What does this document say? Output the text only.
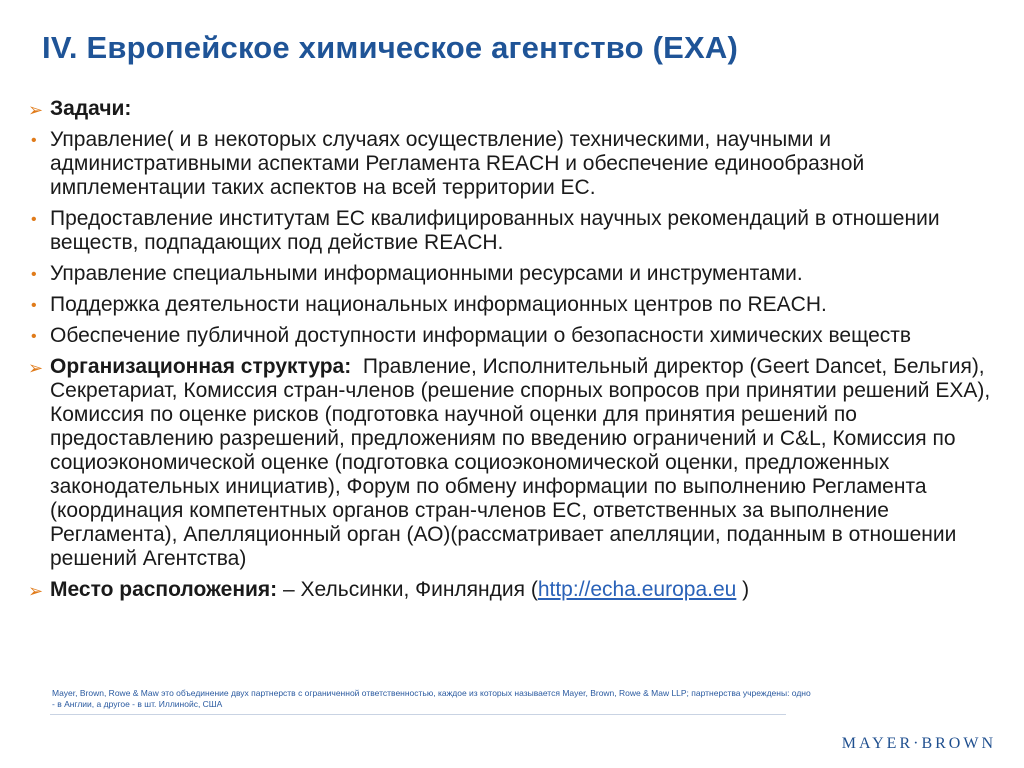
IV. Европейское химическое агентство (ЕХА)
➢ Задачи:
• Управление( и в некоторых случаях осуществление) техническими, научными и административными аспектами Регламента REACH и обеспечение единообразной имплементации таких аспектов на всей территории ЕС.
• Предоставление институтам ЕС квалифицированных научных рекомендаций в отношении веществ, подпадающих под действие REACH.
• Управление специальными информационными ресурсами и инструментами.
• Поддержка деятельности национальных информационных центров по REACH.
• Обеспечение публичной доступности информации о безопасности химических веществ
➢ Организационная структура: Правление, Исполнительный директор (Geert Dancet, Бельгия), Секретариат, Комиссия стран-членов (решение спорных вопросов при принятии решений ЕХА), Комиссия по оценке рисков (подготовка научной оценки для принятия решений по предоставлению разрешений, предложениям по введению ограничений и C&L, Комиссия по социоэкономической оценке (подготовка социоэкономической оценки, предложенных законодательных инициатив), Форум по обмену информации по выполнению Регламента (координация компетентных органов стран-членов ЕС, ответственных за выполнение Регламента), Апелляционный орган (АО)(рассматривает апелляции, поданным в отношении решений Агентства)
➢ Место расположения: – Хельсинки, Финляндия (http://echa.europa.eu )
Mayer, Brown, Rowe & Maw это объединение двух партнерств с ограниченной ответственностью, каждое из которых называется Mayer, Brown, Rowe & Maw LLP; партнерства учреждены: одно - в Англии, а другое - в шт. Иллинойс, США
MAYER·BROWN
